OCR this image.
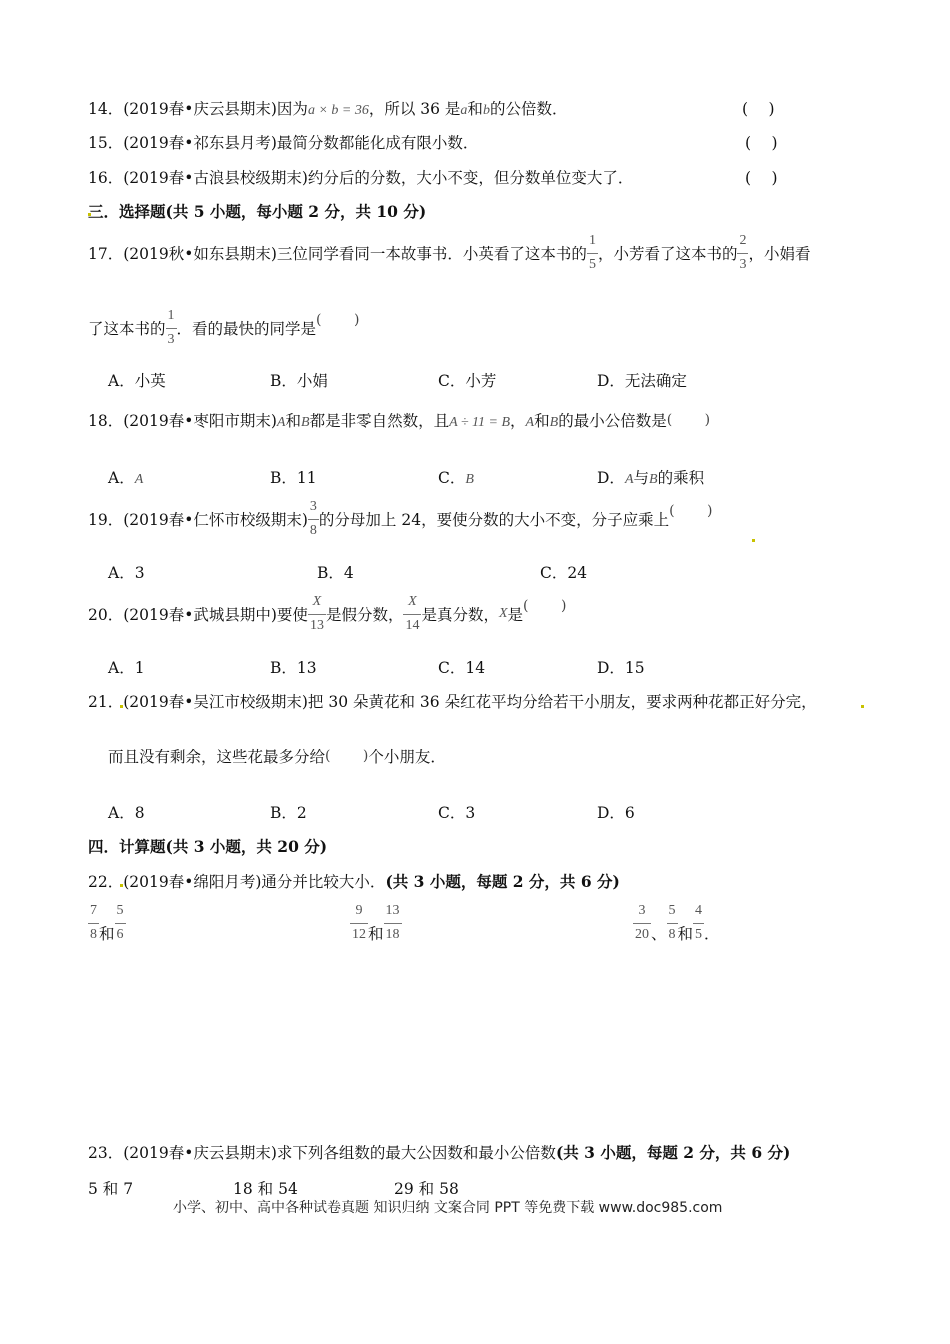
14．(2019春•庆云县期末)因为a × b = 36，所以 36 是a和b的公倍数．	(　 )
15．(2019春•祁东县月考)最简分数都能化成有限小数．	(　 )
16．(2019春•古浪县校级期末)约分后的分数，大小不变，但分数单位变大了．	(　 )
三．选择题(共 5 小题，每小题 2 分，共 10 分)
17．(2019秋•如东县期末)三位同学看同一本故事书．小英看了这本书的 $\frac{1}{5}$ ，小芳看了这本书的 $\frac{2}{3}$ ，小娟看
了这本书的 $\frac{1}{3}$ ．看的最快的同学是(　　 )
A．小英	B．小娟	C．小芳	D．无法确定
18．(2019春•枣阳市期末)A和B都是非零自然数，且A ÷ 11 = B，A和B的最小公倍数是(　　 )
A．A	B．11	C．B	D．A与B的乘积
19．(2019春•仁怀市校级期末) $\frac{3}{8}$ 的分母加上 24，要使分数的大小不变，分子应乘上(　　 )
A．3	B．4	C．24
20．(2019春•武城县期中)要使 $\frac{X}{13}$ 是假分数， $\frac{X}{14}$ 是真分数，X是(　　 )
A．1	B．13	C．14	D．15
21．(2019春•吴江市校级期末)把 30 朵黄花和 36 朵红花平均分给若干小朋友，要求两种花都正好分完，
而且没有剩余，这些花最多分给(　　 )个小朋友．
A．8	B．2	C．3	D．6
四．计算题(共 3 小题，共 20 分)
22．(2019春•绵阳月考)通分并比较大小．(共 3 小题，每题 2 分，共 6 分)
$\frac{7}{8}$ 和 $\frac{5}{6}$	$\frac{9}{12}$ 和 $\frac{13}{18}$	$\frac{3}{20}$ 、 $\frac{5}{8}$ 和 $\frac{4}{5}$ ．
23．(2019春•庆云县期末)求下列各组数的最大公因数和最小公倍数(共 3 小题，每题 2 分，共 6 分)
5 和 7	18 和 54	29 和 58
小学、初中、高中各种试卷真题 知识归纳 文案合同 PPT 等免费下载 www.doc985.com
